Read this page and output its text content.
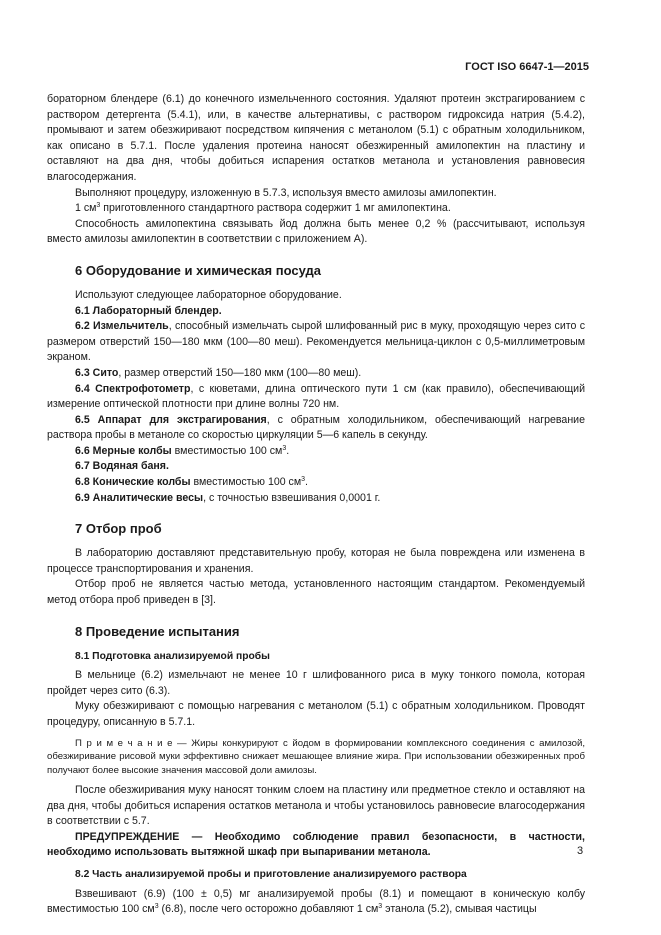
ГОСТ ISO 6647-1—2015

бораторном блендере (6.1) до конечного измельченного состояния. Удаляют протеин экстрагированием с раствором детергента (5.4.1), или, в качестве альтернативы, с раствором гидроксида натрия (5.4.2), промывают и затем обезжиривают посредством кипячения с метанолом (5.1) с обратным холодильником, как описано в 5.7.1. После удаления протеина наносят обезжиренный амилопектин на пластину и оставляют на два дня, чтобы добиться испарения остатков метанола и установления равновесия влагосодержания.

Выполняют процедуру, изложенную в 5.7.3, используя вместо амилозы амилопектин.

1 $см^3$ приготовленного стандартного раствора содержит 1 мг амилопектина.

Способность амилопектина связывать йод должна быть менее 0,2 % (рассчитывают, используя вместо амилозы амилопектин в соответствии с приложением А).

6 Оборудование и химическая посуда

Используют следующее лабораторное оборудование.

6.1 Лабораторный блендер.

6.2 Измельчитель, способный измельчать сырой шлифованный рис в муку, проходящую через сито с размером отверстий 150—180 мкм (100—80 меш). Рекомендуется мельница-циклон с 0,5-миллиметровым экраном.

6.3 Сито, размер отверстий 150—180 мкм (100—80 меш).

6.4 Спектрофотометр, с кюветами, длина оптического пути 1 см (как правило), обеспечивающий измерение оптической плотности при длине волны 720 нм.

6.5 Аппарат для экстрагирования, с обратным холодильником, обеспечивающий нагревание раствора пробы в метаноле со скоростью циркуляции 5—6 капель в секунду.

6.6 Мерные колбы вместимостью 100 $см^3$.

6.7 Водяная баня.

6.8 Конические колбы вместимостью 100 $см^3$.

6.9 Аналитические весы, с точностью взвешивания 0,0001 г.

7 Отбор проб

В лабораторию доставляют представительную пробу, которая не была повреждена или изменена в процессе транспортирования и хранения.

Отбор проб не является частью метода, установленного настоящим стандартом. Рекомендуемый метод отбора проб приведен в [3].

8 Проведение испытания
8.1 Подготовка анализируемой пробы

В мельнице (6.2) измельчают не менее 10 г шлифованного риса в муку тонкого помола, которая пройдет через сито (6.3).

Муку обезжиривают с помощью нагревания с метанолом (5.1) с обратным холодильником. Проводят процедуру, описанную в 5.7.1.

П р и м е ч а н и е — Жиры конкурируют с йодом в формировании комплексного соединения с амилозой, обезжиривание рисовой муки эффективно снижает мешающее влияние жира. При использовании обезжиренных проб получают более высокие значения массовой доли амилозы.

После обезжиривания муку наносят тонким слоем на пластину или предметное стекло и оставляют на два дня, чтобы добиться испарения остатков метанола и чтобы установилось равновесие влагосодержания в соответствии с 5.7.

ПРЕДУПРЕЖДЕНИЕ — Необходимо соблюдение правил безопасности, в частности, необходимо использовать вытяжной шкаф при выпаривании метанола.

8.2 Часть анализируемой пробы и приготовление анализируемого раствора

Взвешивают (6.9) (100 ± 0,5) мг анализируемой пробы (8.1) и помещают в коническую колбу вместимостью 100 $см^3$ (6.8), после чего осторожно добавляют 1 $см^3$ этанола (5.2), смывая частицы

3
